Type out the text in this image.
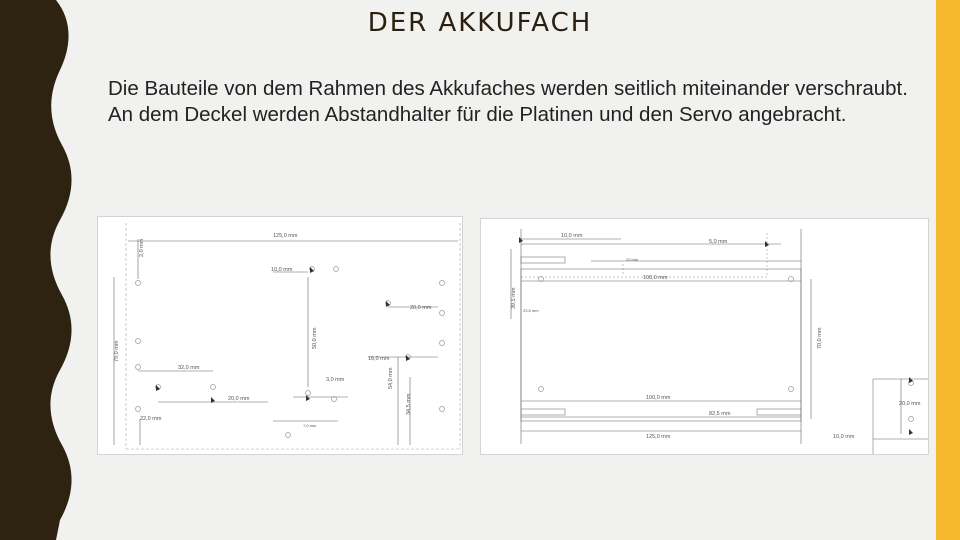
DER AKKUFACH
Die Bauteile von dem Rahmen des Akkufaches werden seitlich miteinander verschraubt. An dem Deckel werden Abstandhalter für die Platinen und den Servo angebracht.
125,0 mm
2,0 mm
10,0 mm
20,0 mm
79,0 mm
50,0 mm
16,0 mm
32,0 mm
3,0 mm	54,0 mm
34,5 mm
20,0 mm
22,0 mm
?,0 mm
10,0 mm
5,0 mm
20 mm
100,0 mm
39,5 mm
23,5 mm
70,0 mm
100,0 mm
82,5 mm
125,0 mm
20,0 mm
10,0 mm
